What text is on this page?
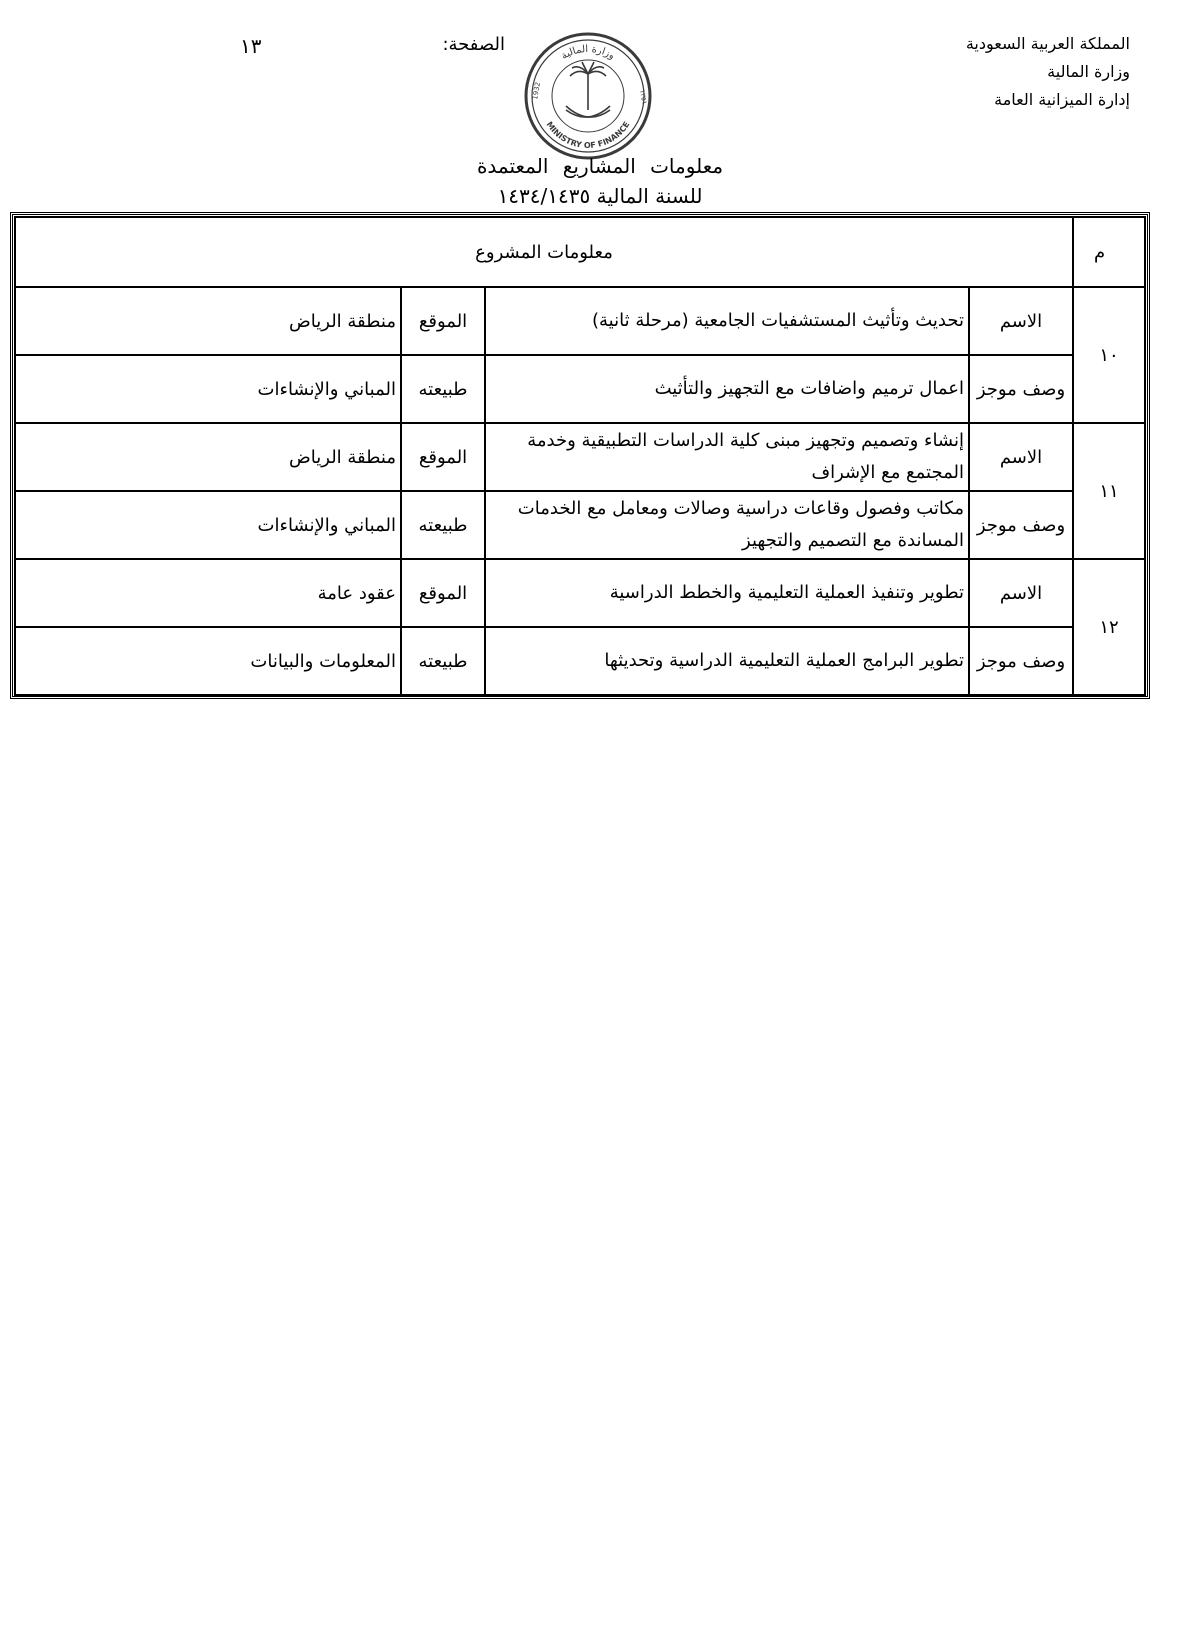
المملكة العربية السعودية
وزارة المالية
إدارة الميزانية العامة
الصفحة:
١٣	وزارة المالية
MINISTRY OF FINANCE
1932	١٣٥١
معلومات المشاريع المعتمدة
للسنة المالية ١٤٣٤/١٤٣٥
م	معلومات المشروع			
١٠	الاسم	تحديث وتأثيث المستشفيات الجامعية (مرحلة ثانية)	الموقع	منطقة الرياض
	وصف موجز	اعمال ترميم واضافات مع التجهيز والتأثيث	طبيعته	المباني والإنشاءات
١١	الاسم	إنشاء وتصميم وتجهيز مبنى كلية الدراسات التطبيقية وخدمة المجتمع مع الإشراف	الموقع	منطقة الرياض
	وصف موجز	مكاتب وفصول وقاعات دراسية وصالات ومعامل مع الخدمات المساندة مع التصميم والتجهيز	طبيعته	المباني والإنشاءات
١٢	الاسم	تطوير وتنفيذ العملية التعليمية والخطط الدراسية	الموقع	عقود عامة
	وصف موجز	تطوير البرامج العملية التعليمية الدراسية وتحديثها	طبيعته	المعلومات والبيانات
